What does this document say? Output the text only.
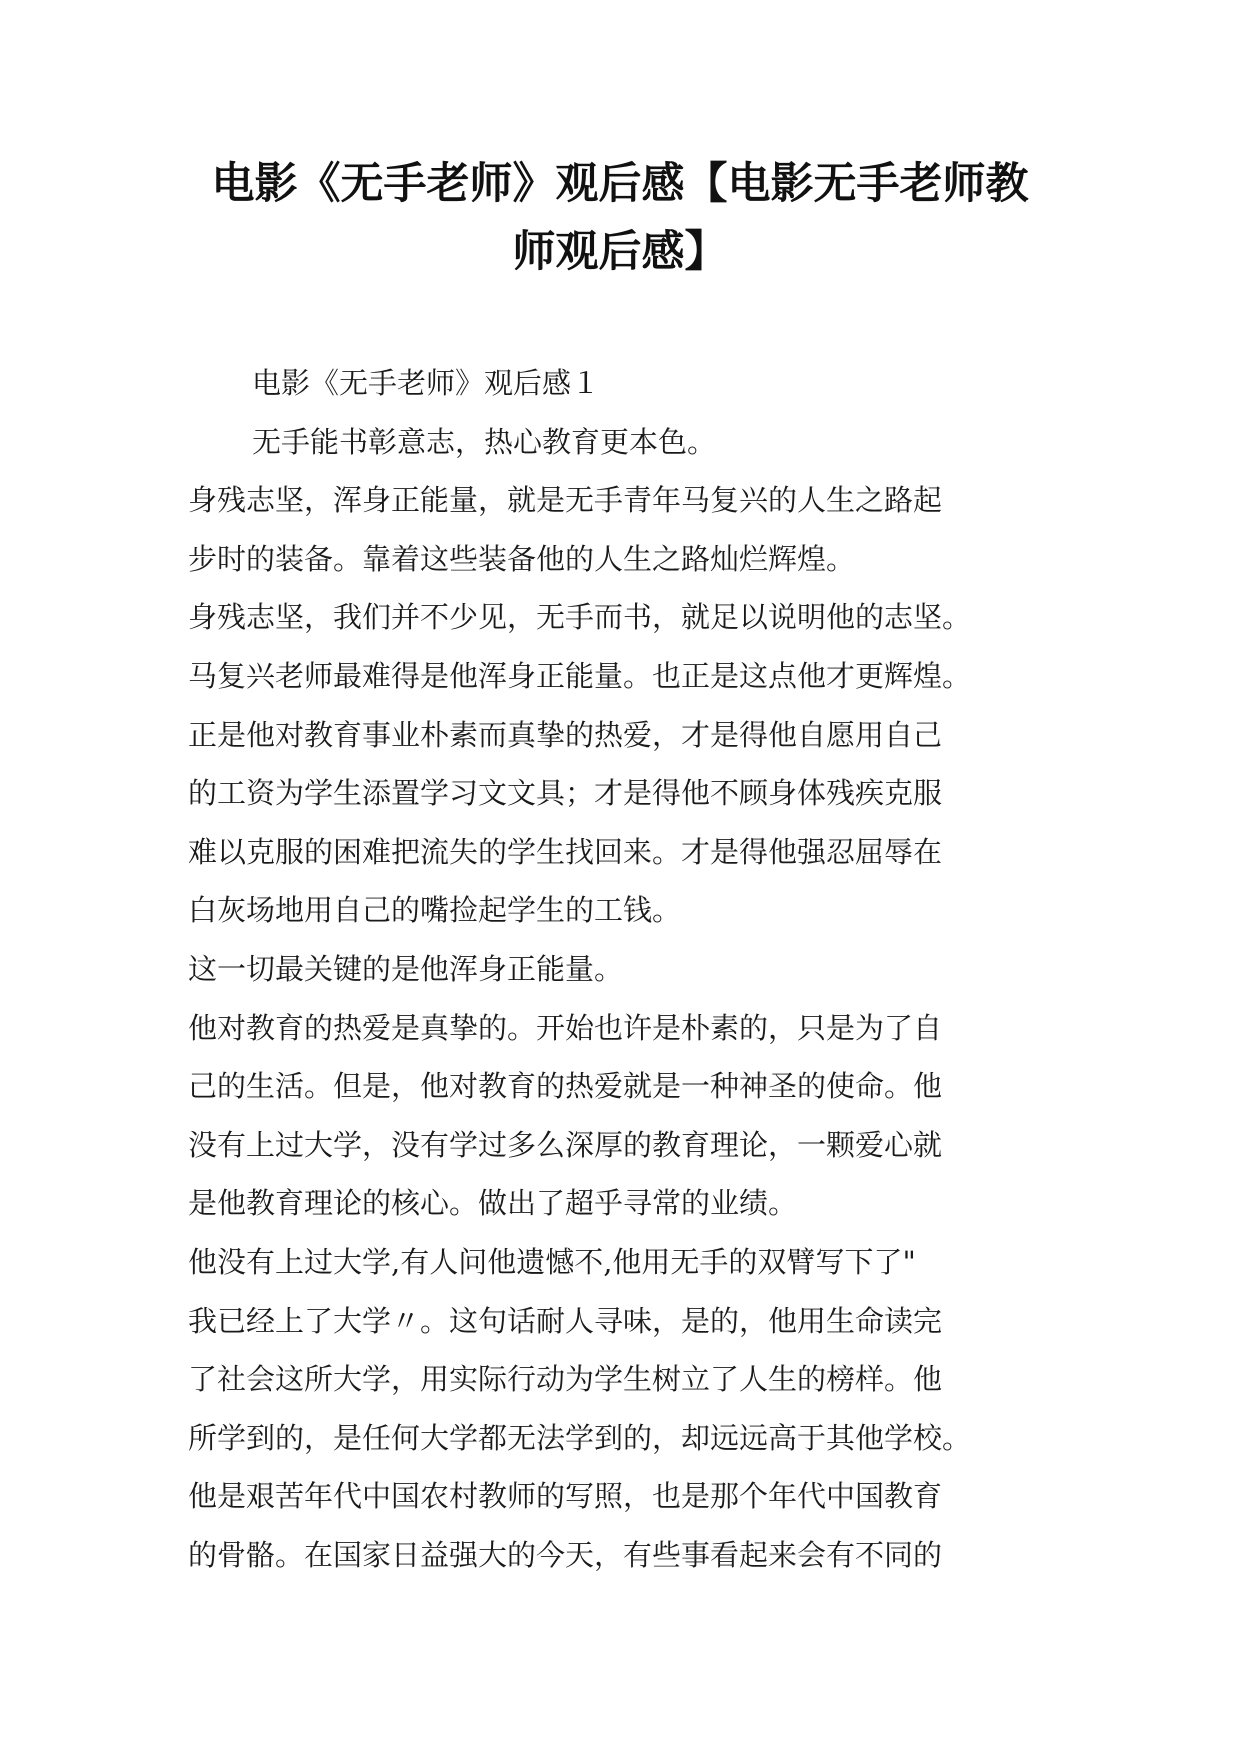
电影《无手老师》观后感【电影无手老师教
师观后感】
电影《无手老师》观后感１
无手能书彰意志，热心教育更本色。
身残志坚，浑身正能量，就是无手青年马复兴的人生之路起
步时的装备。靠着这些装备他的人生之路灿烂辉煌。
身残志坚，我们并不少见，无手而书，就足以说明他的志坚。
马复兴老师最难得是他浑身正能量。也正是这点他才更辉煌。
正是他对教育事业朴素而真挚的热爱，才是得他自愿用自己
的工资为学生添置学习文文具；才是得他不顾身体残疾克服
难以克服的困难把流失的学生找回来。才是得他强忍屈辱在
白灰场地用自己的嘴捡起学生的工钱。
这一切最关键的是他浑身正能量。
他对教育的热爱是真挚的。开始也许是朴素的，只是为了自
己的生活。但是，他对教育的热爱就是一种神圣的使命。他
没有上过大学，没有学过多么深厚的教育理论，一颗爱心就
是他教育理论的核心。做出了超乎寻常的业绩。
他没有上过大学,有人问他遗憾不,他用无手的双臂写下了"
我已经上了大学〃。这句话耐人寻味，是的，他用生命读完
了社会这所大学，用实际行动为学生树立了人生的榜样。他
所学到的，是任何大学都无法学到的，却远远高于其他学校。
他是艰苦年代中国农村教师的写照，也是那个年代中国教育
的骨骼。在国家日益强大的今天，有些事看起来会有不同的
